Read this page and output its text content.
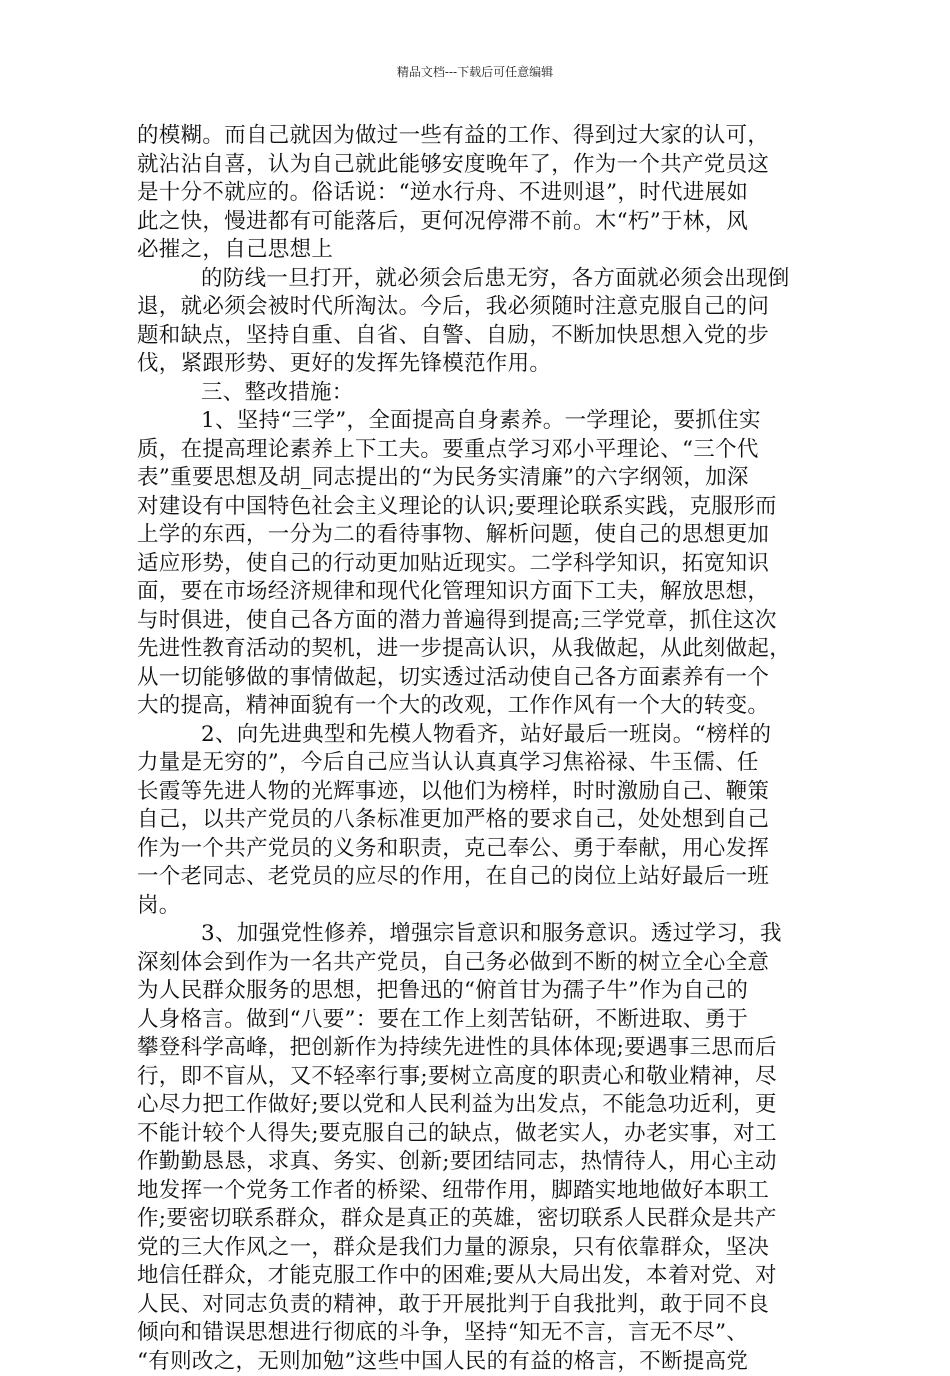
精品文档---下载后可任意编辑
的模糊。而自己就因为做过一些有益的工作、得到过大家的认可，
就沾沾自喜，认为自己就此能够安度晚年了，作为一个共产党员这
是十分不就应的。俗话说：“逆水行舟、不进则退”，时代进展如
此之快，慢进都有可能落后，更何况停滞不前。木“朽”于林，风
必摧之，自己思想上
的防线一旦打开，就必须会后患无穷，各方面就必须会出现倒
退，就必须会被时代所淘汰。今后，我必须随时注意克服自己的问
题和缺点，坚持自重、自省、自警、自励，不断加快思想入党的步
伐，紧跟形势、更好的发挥先锋模范作用。
三、整改措施：
1、坚持“三学”，全面提高自身素养。一学理论，要抓住实
质，在提高理论素养上下工夫。要重点学习邓小平理论、“三个代
表”重要思想及胡_同志提出的“为民务实清廉”的六字纲领，加深
对建设有中国特色社会主义理论的认识;要理论联系实践，克服形而
上学的东西，一分为二的看待事物、解析问题，使自己的思想更加
适应形势，使自己的行动更加贴近现实。二学科学知识，拓宽知识
面，要在市场经济规律和现代化管理知识方面下工夫，解放思想，
与时俱进，使自己各方面的潜力普遍得到提高;三学党章，抓住这次
先进性教育活动的契机，进一步提高认识，从我做起，从此刻做起，
从一切能够做的事情做起，切实透过活动使自己各方面素养有一个
大的提高，精神面貌有一个大的改观，工作作风有一个大的转变。
2、向先进典型和先模人物看齐，站好最后一班岗。“榜样的
力量是无穷的”，今后自己应当认认真真学习焦裕禄、牛玉儒、任
长霞等先进人物的光辉事迹，以他们为榜样，时时激励自己、鞭策
自己，以共产党员的八条标准更加严格的要求自己，处处想到自己
作为一个共产党员的义务和职责，克己奉公、勇于奉献，用心发挥
一个老同志、老党员的应尽的作用，在自己的岗位上站好最后一班
岗。
3、加强党性修养，增强宗旨意识和服务意识。透过学习，我
深刻体会到作为一名共产党员，自己务必做到不断的树立全心全意
为人民群众服务的思想，把鲁迅的“俯首甘为孺子牛”作为自己的
人身格言。做到“八要”：要在工作上刻苦钻研，不断进取、勇于
攀登科学高峰，把创新作为持续先进性的具体体现;要遇事三思而后
行，即不盲从，又不轻率行事;要树立高度的职责心和敬业精神，尽
心尽力把工作做好;要以党和人民利益为出发点，不能急功近利，更
不能计较个人得失;要克服自己的缺点，做老实人，办老实事，对工
作勤勤恳恳，求真、务实、创新;要团结同志，热情待人，用心主动
地发挥一个党务工作者的桥梁、纽带作用，脚踏实地地做好本职工
作;要密切联系群众，群众是真正的英雄，密切联系人民群众是共产
党的三大作风之一，群众是我们力量的源泉，只有依靠群众，坚决
地信任群众，才能克服工作中的困难;要从大局出发，本着对党、对
人民、对同志负责的精神，敢于开展批判于自我批判，敢于同不良
倾向和错误思想进行彻底的斗争，坚持“知无不言，言无不尽”、
“有则改之，无则加勉”这些中国人民的有益的格言，不断提高党
